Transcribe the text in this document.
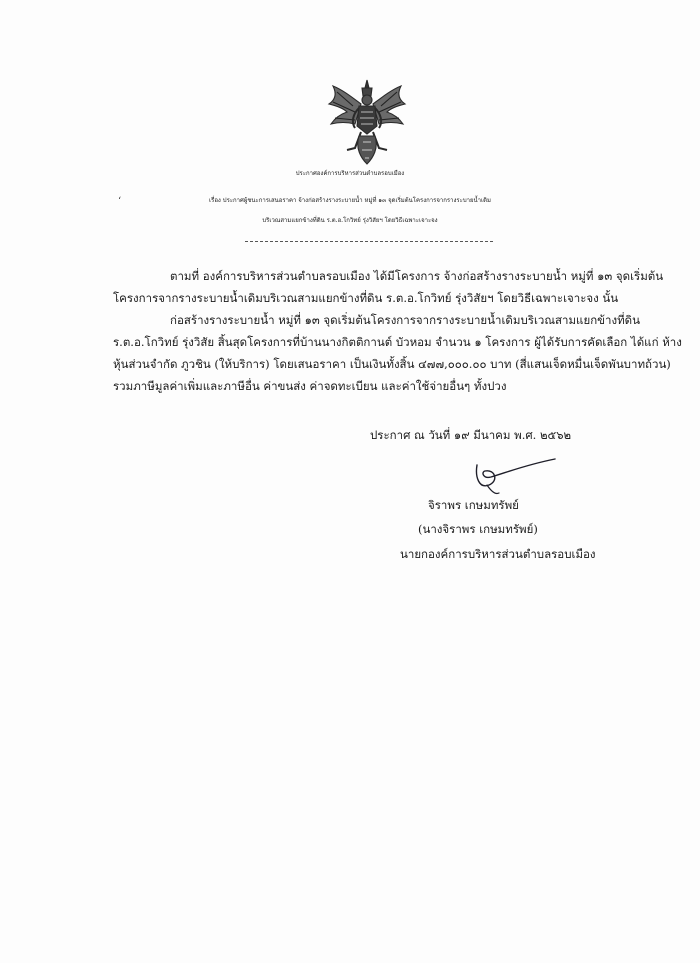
ประกาศองค์การบริหารส่วนตำบลรอบเมือง
ʻ	เรื่อง ประกาศผู้ชนะการเสนอราคา จ้างก่อสร้างรางระบายน้ำ หมู่ที่ ๑๓ จุดเริ่มต้นโครงการจากรางระบายน้ำเดิม
บริเวณสามแยกข้างที่ดิน ร.ต.อ.โกวิทย์ รุ่งวิสัยฯ โดยวิธีเฉพาะเจาะจง
ตามที่ องค์การบริหารส่วนตำบลรอบเมือง ได้มีโครงการ จ้างก่อสร้างรางระบายน้ำ หมู่ที่ ๑๓ จุดเริ่มต้น
โครงการจากรางระบายน้ำเดิมบริเวณสามแยกข้างที่ดิน ร.ต.อ.โกวิทย์ รุ่งวิสัยฯ โดยวิธีเฉพาะเจาะจง นั้น
ก่อสร้างรางระบายน้ำ หมู่ที่ ๑๓ จุดเริ่มต้นโครงการจากรางระบายน้ำเดิมบริเวณสามแยกข้างที่ดิน
ร.ต.อ.โกวิทย์ รุ่งวิสัย สิ้นสุดโครงการที่บ้านนางกิตติกานต์ บัวหอม จำนวน ๑ โครงการ ผู้ได้รับการคัดเลือก ได้แก่ ห้าง
หุ้นส่วนจำกัด ภูวชิน (ให้บริการ) โดยเสนอราคา เป็นเงินทั้งสิ้น ๔๗๗,๐๐๐.๐๐ บาท (สี่แสนเจ็ดหมื่นเจ็ดพันบาทถ้วน)
รวมภาษีมูลค่าเพิ่มและภาษีอื่น ค่าขนส่ง ค่าจดทะเบียน และค่าใช้จ่ายอื่นๆ ทั้งปวง
ประกาศ ณ วันที่ ๑๙ มีนาคม พ.ศ. ๒๕๖๒
จิราพร เกษมทรัพย์
(นางจิราพร เกษมทรัพย์)
นายกองค์การบริหารส่วนตำบลรอบเมือง
